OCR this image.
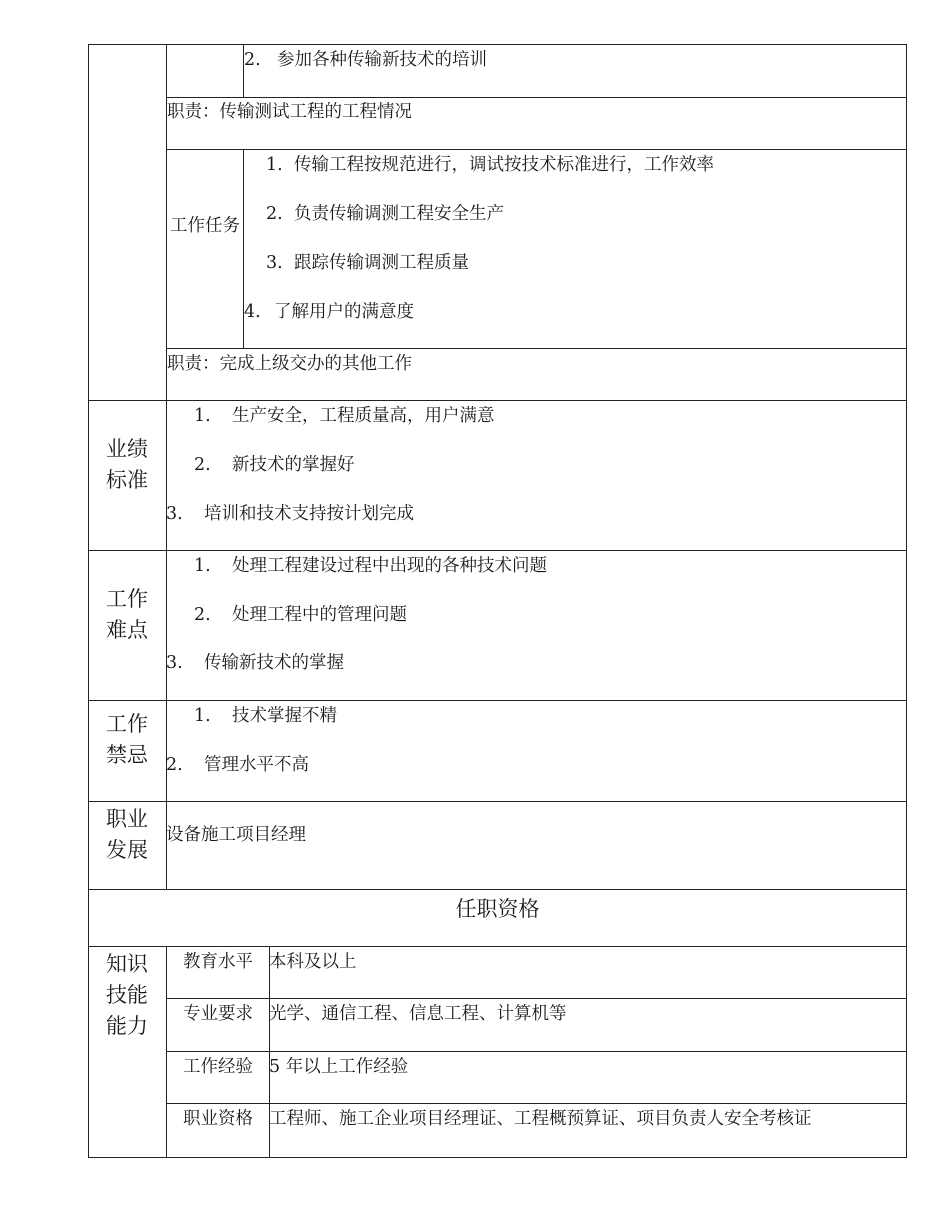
2. 参加各种传输新技术的培训
职责：传输测试工程的工程情况
工作任务
1. 传输工程按规范进行，调试按技术标准进行，工作效率
2. 负责传输调测工程安全生产
3. 跟踪传输调测工程质量
4. 了解用户的满意度
职责：完成上级交办的其他工作
业绩标准
1. 生产安全，工程质量高，用户满意
2. 新技术的掌握好
3. 培训和技术支持按计划完成
工作难点
1. 处理工程建设过程中出现的各种技术问题
2. 处理工程中的管理问题
3. 传输新技术的掌握
工作禁忌
1. 技术掌握不精
2. 管理水平不高
职业发展
设备施工项目经理
任职资格
知识技能能力
教育水平 本科及以上
专业要求 光学、通信工程、信息工程、计算机等
工作经验 5 年以上工作经验
职业资格 工程师、施工企业项目经理证、工程概预算证、项目负责人安全考核证
